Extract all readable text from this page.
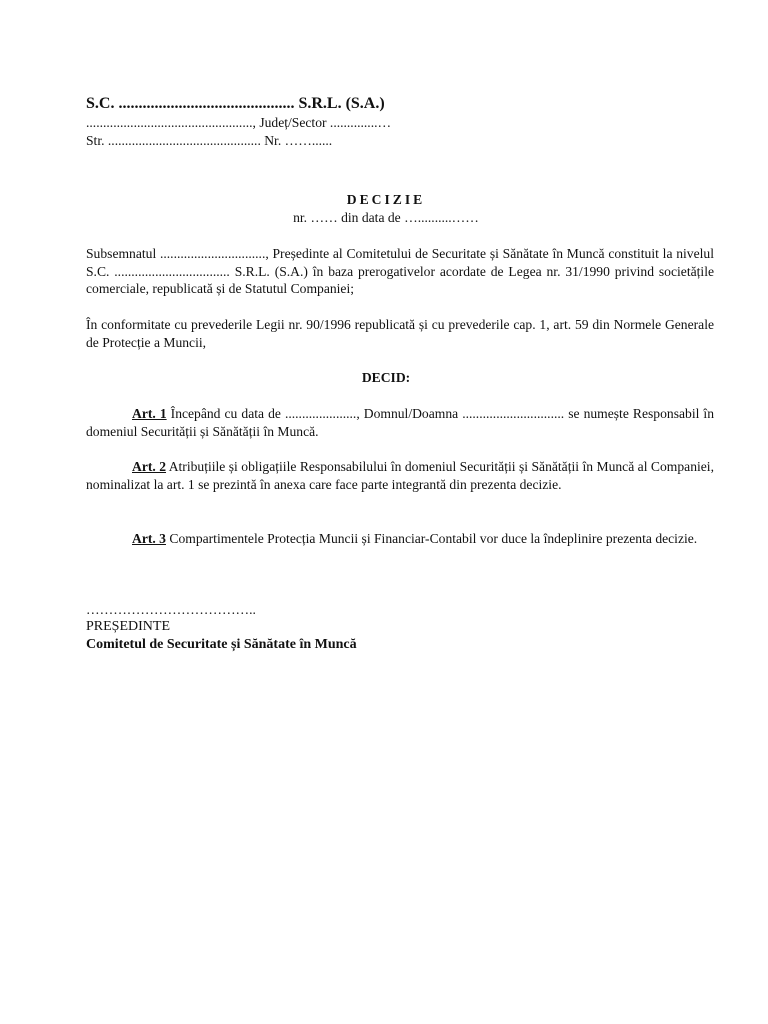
S.C. ............................................ S.R.L. (S.A.)
................................................., Județ/Sector ..............…
Str. ............................................. Nr. ……......
DECIZIE
nr. …… din data de …..........……
Subsemnatul ..............................., Președinte al Comitetului de Securitate și Sănătate în Muncă constituit la nivelul S.C. .................................. S.R.L. (S.A.) în baza prerogativelor acordate de Legea nr. 31/1990 privind societățile comerciale, republicată și de Statutul Companiei;
În conformitate cu prevederile Legii nr. 90/1996 republicată și cu prevederile cap. 1, art. 59 din Normele Generale de Protecție a Muncii,
DECID:
Art. 1 Începând cu data de ....................., Domnul/Doamna .............................. se numește Responsabil în domeniul Securității și Sănătății în Muncă.
Art. 2 Atribuțiile și obligațiile Responsabilului în domeniul Securității și Sănătății în Muncă al Companiei, nominalizat la art. 1 se prezintă în anexa care face parte integrantă din prezenta decizie.
Art. 3 Compartimentele Protecția Muncii și Financiar-Contabil vor duce la îndeplinire prezenta decizie.
………………………………..
PREȘEDINTE
Comitetul de Securitate și Sănătate în Muncă
